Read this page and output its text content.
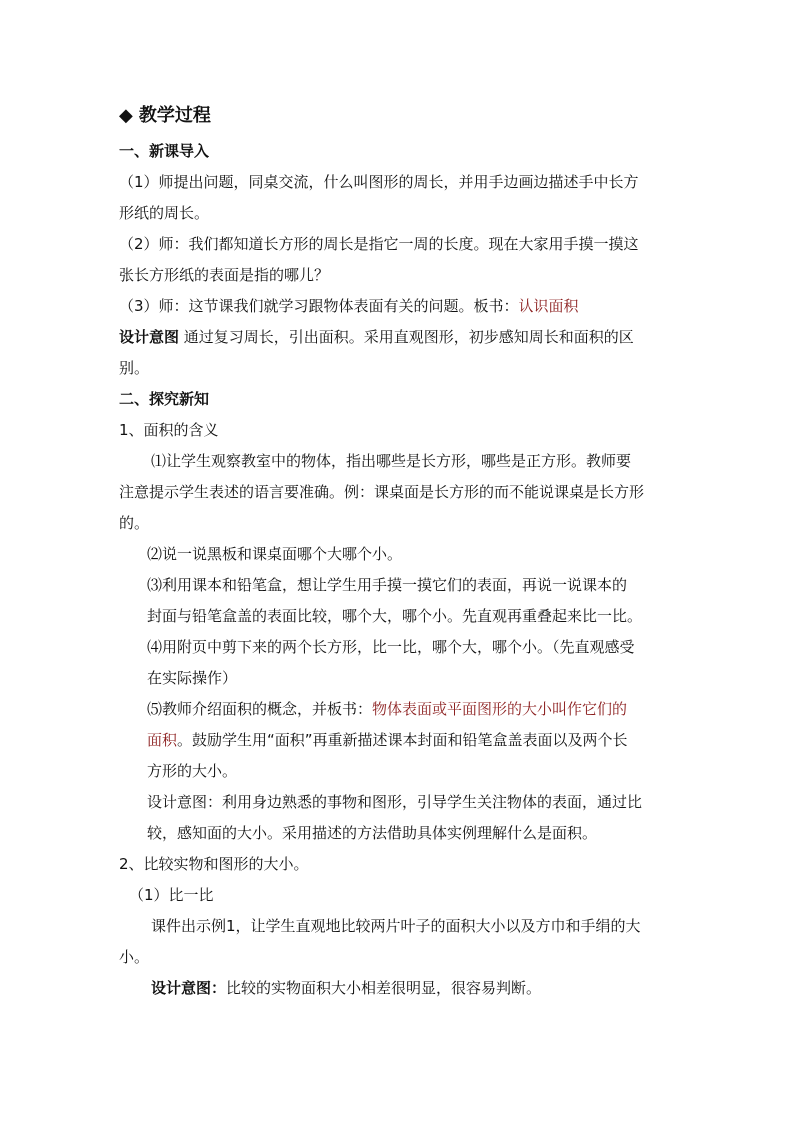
◆ 教学过程

一、新课导入

（1）师提出问题，同桌交流，什么叫图形的周长，并用手边画边描述手中长方

形纸的周长。

（2）师：我们都知道长方形的周长是指它一周的长度。现在大家用手摸一摸这

张长方形纸的表面是指的哪儿？

（3）师：这节课我们就学习跟物体表面有关的问题。板书：认识面积

设计意图 通过复习周长，引出面积。采用直观图形，初步感知周长和面积的区

别。

二、探究新知

1、面积的含义

⑴让学生观察教室中的物体，指出哪些是长方形，哪些是正方形。教师要

注意提示学生表述的语言要准确。例：课桌面是长方形的而不能说课桌是长方形

的。

⑵说一说黑板和课桌面哪个大哪个小。

⑶利用课本和铅笔盒，想让学生用手摸一摸它们的表面，再说一说课本的

封面与铅笔盒盖的表面比较，哪个大，哪个小。先直观再重叠起来比一比。

⑷用附页中剪下来的两个长方形，比一比，哪个大，哪个小。（先直观感受

在实际操作）

⑸教师介绍面积的概念，并板书：物体表面或平面图形的大小叫作它们的

面积。鼓励学生用“面积”再重新描述课本封面和铅笔盒盖表面以及两个长

方形的大小。

设计意图：利用身边熟悉的事物和图形，引导学生关注物体的表面，通过比

较，感知面的大小。采用描述的方法借助具体实例理解什么是面积。

2、比较实物和图形的大小。

（1）比一比

课件出示例1，让学生直观地比较两片叶子的面积大小以及方巾和手绢的大

小。

设计意图：比较的实物面积大小相差很明显，很容易判断。
